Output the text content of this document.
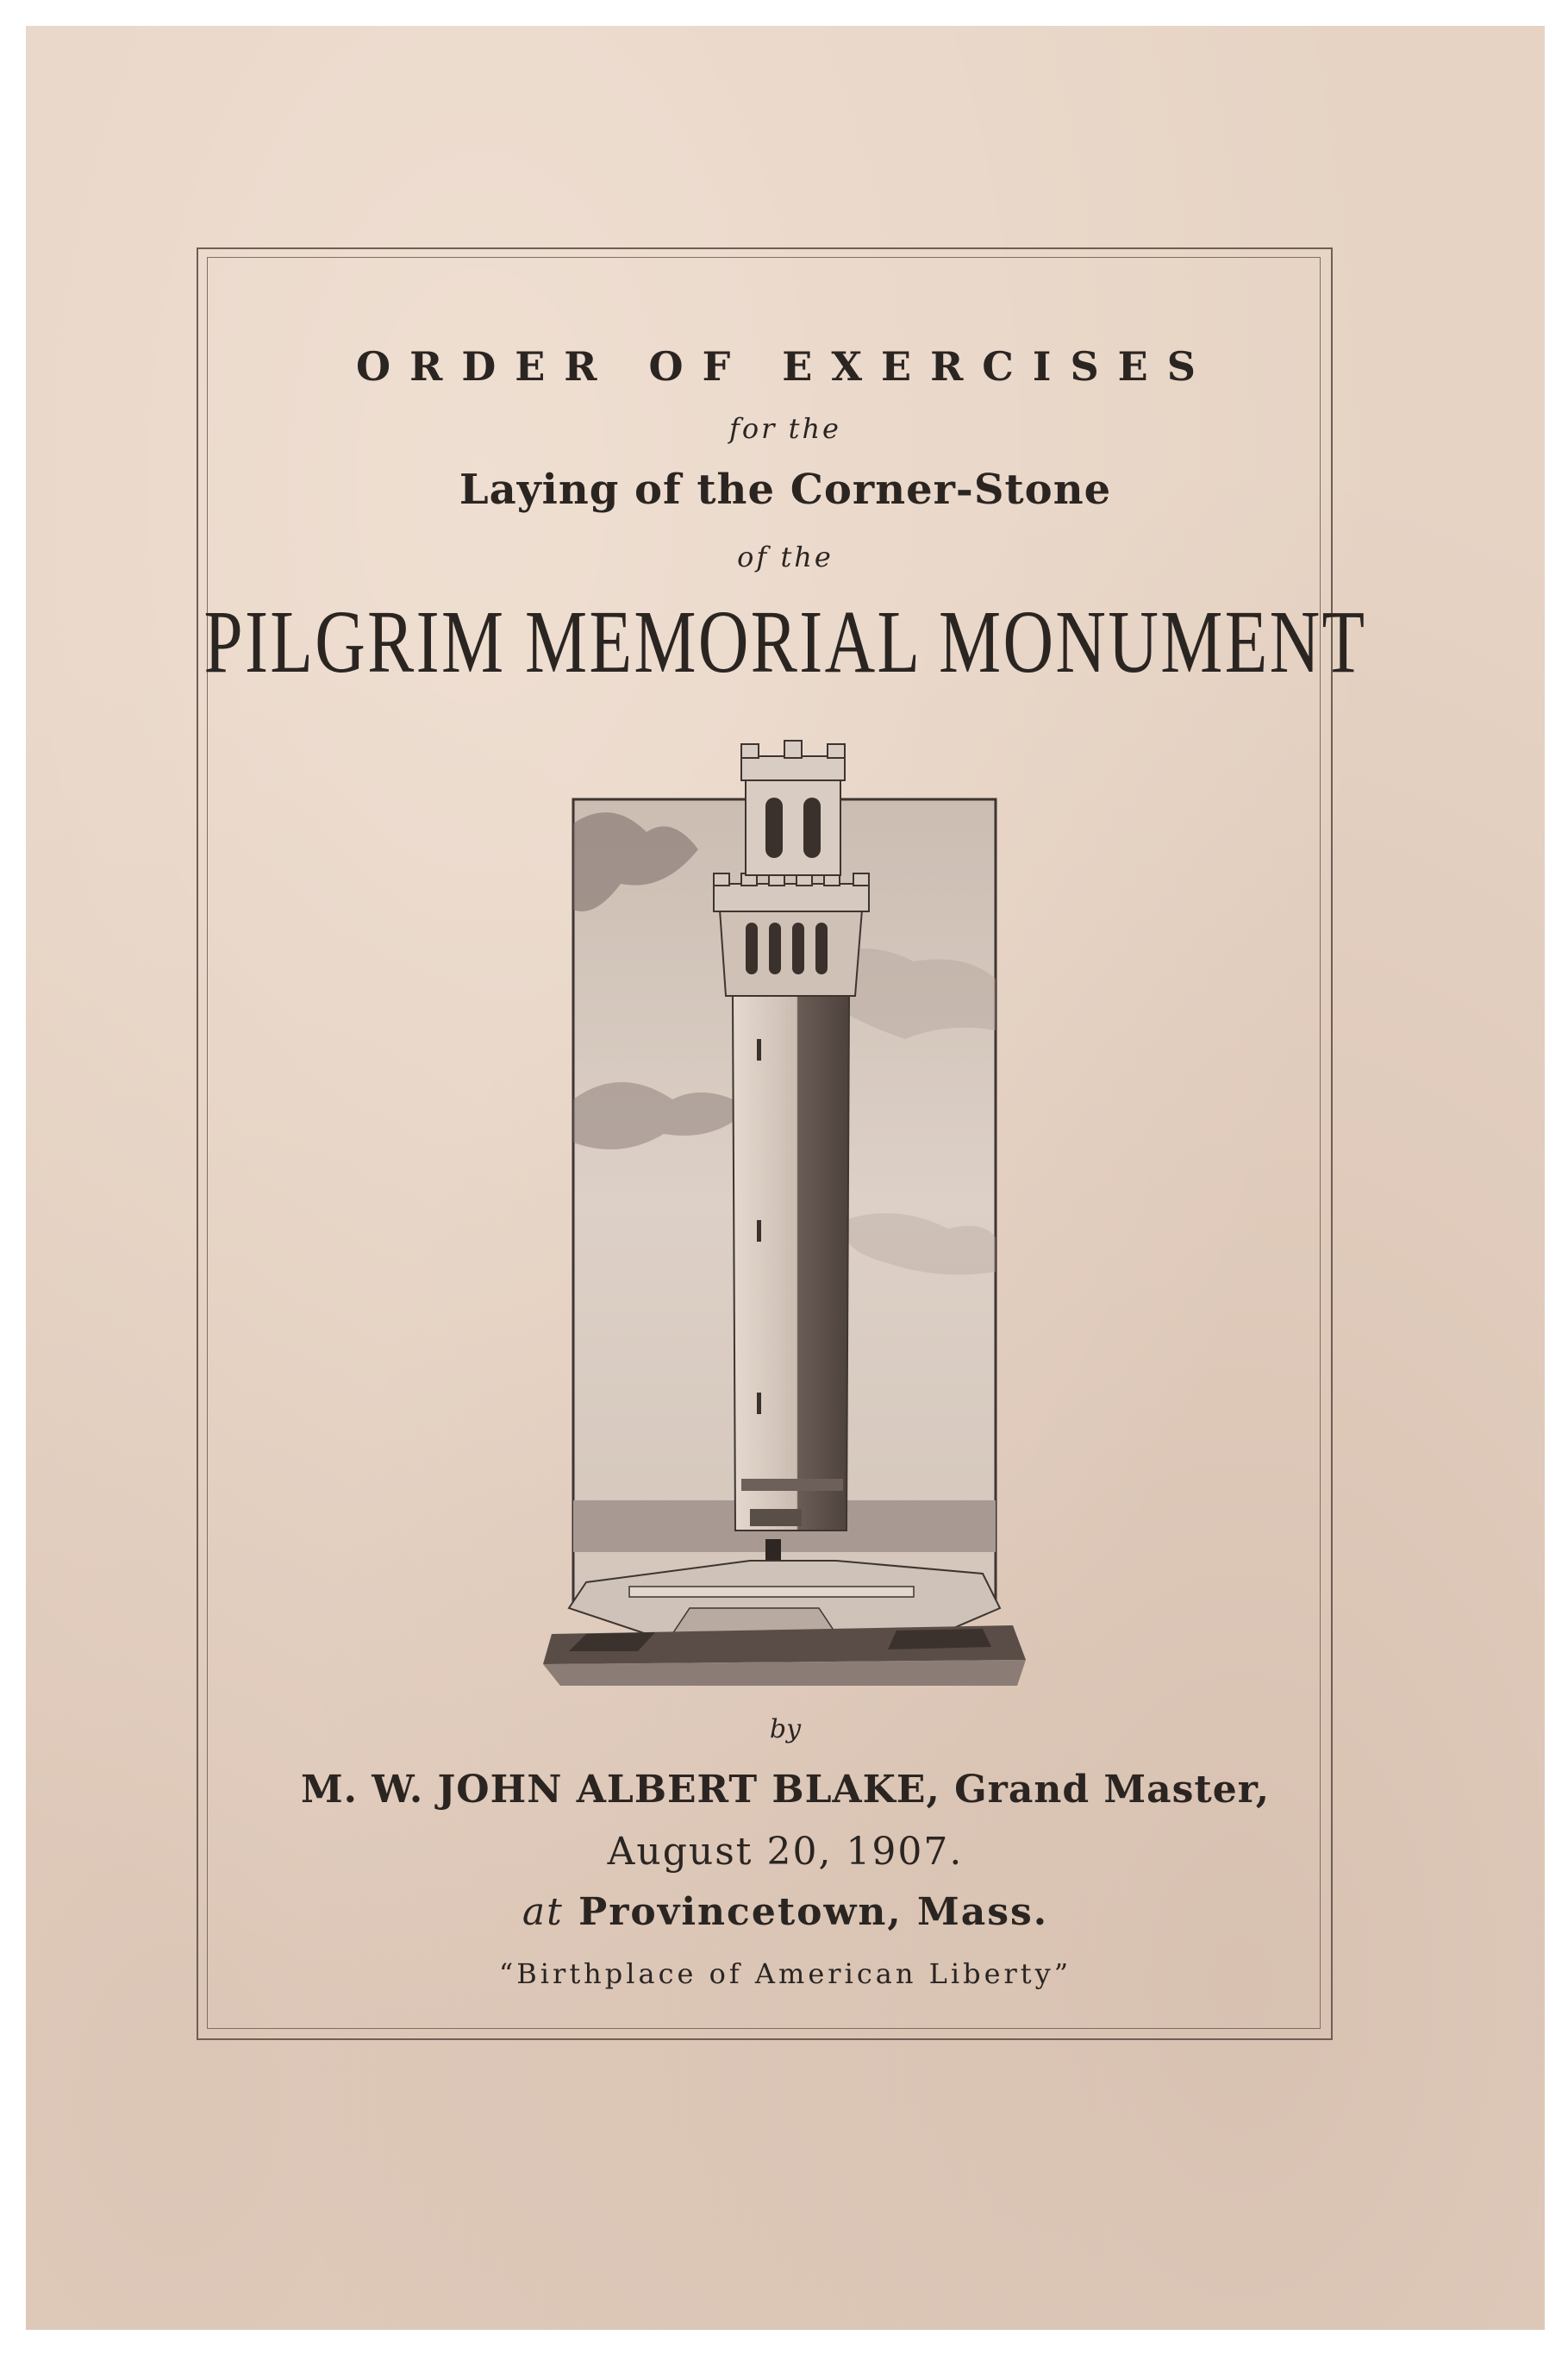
ORDER OF EXERCISES
for the
Laying of the Corner-Stone
of the
PILGRIM MEMORIAL MONUMENT
by
M. W. JOHN ALBERT BLAKE, Grand Master,
August 20, 1907.
at Provincetown, Mass.
“Birthplace of American Liberty”
